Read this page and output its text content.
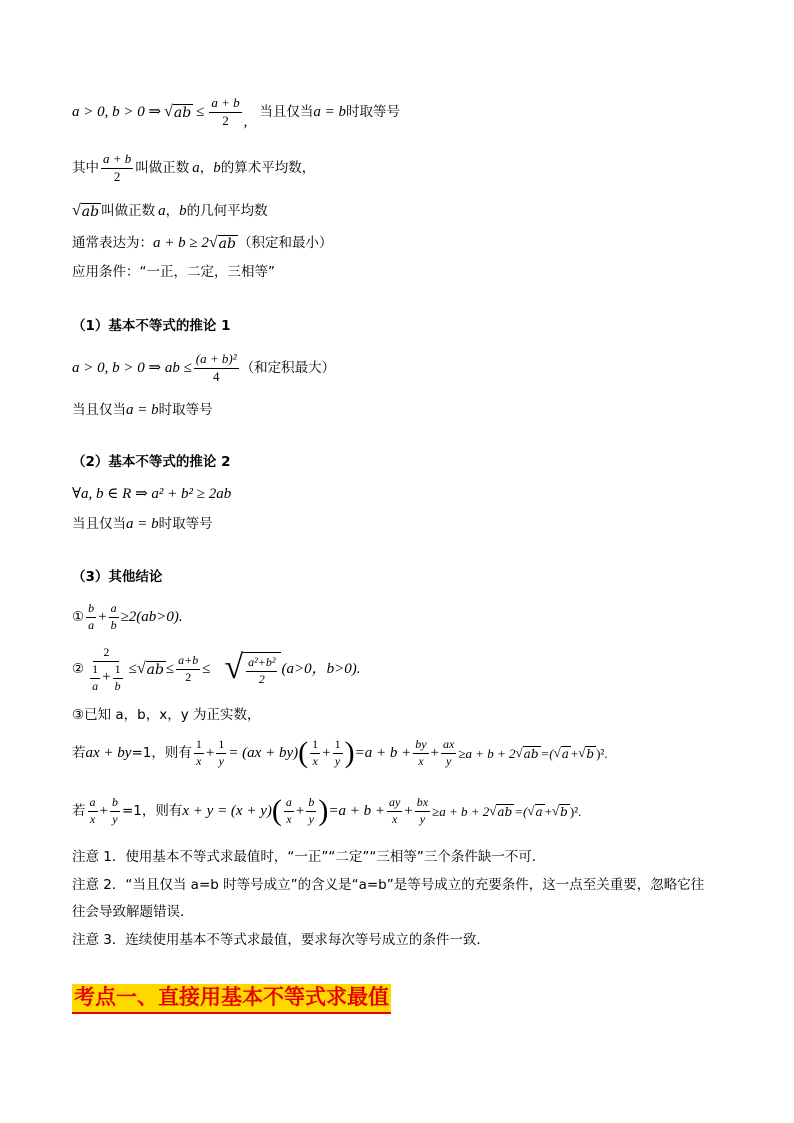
a > 0, b > 0 ⇒ √ ab ≤ $\frac{a + b}{2}$ ,
当且仅当 a = b 时取等号
其中 $\frac{a + b}{2}$ 叫做正数 a ， b 的算术平均数，
√ ab 叫做正数 a ， b 的几何平均数
通常表达为： a + b ≥ 2 √ ab （积定和最小）
应用条件：“一正，二定，三相等”
（1）基本不等式的推论 1
a > 0, b > 0 ⇒ ab ≤ $\frac{\text{(a + b)²}}{4}$ （和定积最大）
当且仅当 a = b 时取等号
（2）基本不等式的推论 2
∀a, b ∈ R ⇒ a² + b² ≥ 2ab
当且仅当 a = b 时取等号
（3）其他结论
① $\frac{b}{a} + \frac{a}{b} \ge 2(ab>0)$.
② $\frac{2}{\frac{1}{a} + \frac{1}{b}}$ ≤ √ ab ≤ $\frac{a+b}{2}$ ≤ √ $\frac{\text{a²+b²}}{2} (a>0$，b>0).
③已知 a，b，x，y 为正实数，
若 ax + by =1，则有 $\frac{1}{x} + \frac{1}{y} = (ax + by)$ ( $\frac{1}{x} + \frac{1}{y}$ ) $=a + b + \frac{by}{x} + \frac{ax}{y} \ge a + b + 2$ √ ab =( √ a + √ b )².
若 $\frac{a}{x} + \frac{b}{y} =1$，则有 x + y = (x + y) ( $\frac{a}{x} + \frac{b}{y}$ ) $=a + b + \frac{ay}{x} + \frac{bx}{y} \ge a + b + 2$ √ ab =( √ a + √ b )².
注意 1．使用基本不等式求最值时，“一正”“二定”“三相等”三个条件缺一不可．
注意 2．“当且仅当 a=b 时等号成立”的含义是“a=b”是等号成立的充要条件，这一点至关重要，忽略它往
往会导致解题错误．
注意 3．连续使用基本不等式求最值，要求每次等号成立的条件一致．
考点一、直接用基本不等式求最值
